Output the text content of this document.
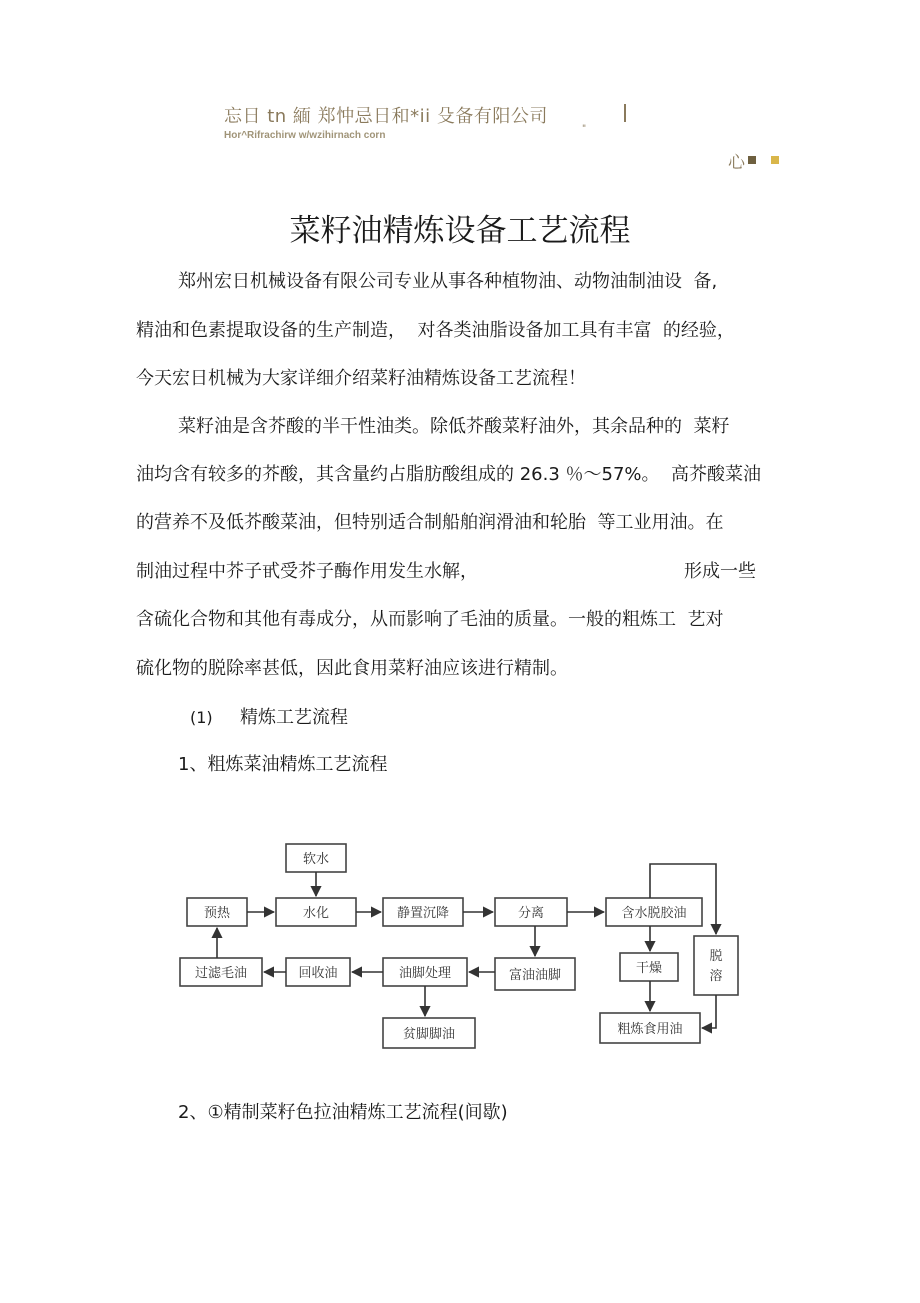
忘日 tn 緬 郑忡忌日和*ii 殳备有阳公司
Hor^Rifrachirw w/wzihirnach corn
"
心
菜籽油精炼设备工艺流程
郑州宏日机械设备有限公司专业从事各种植物油、动物油制油设  备,
精油和色素提取设备的生产制造，  对各类油脂设备加工具有丰富  的经验，
今天宏日机械为大家详细介绍菜籽油精炼设备工艺流程！
菜籽油是含芥酸的半干性油类。除低芥酸菜籽油外，其余品种的  菜籽
油均含有较多的芥酸，其含量约占脂肪酸组成的 26.3 ％〜57%。  高芥酸菜油
的营养不及低芥酸菜油，但特别适合制船舶润滑油和轮胎  等工业用油。在
制油过程中芥子甙受芥子酶作用发生水解，	形成一些
含硫化合物和其他有毒成分，从而影响了毛油的质量。一般的粗炼工  艺对
硫化物的脱除率甚低，因此食用菜籽油应该进行精制。
(1) 精炼工艺流程
1、粗炼菜油精炼工艺流程
软水
预热	水化	静置沉降	分离	含水脱胶油
过滤毛油	回收油	油脚处理	富油油脚	干燥
脱
溶
贫脚脚油	粗炼食用油
2、①精制菜籽色拉油精炼工艺流程(间歇)
